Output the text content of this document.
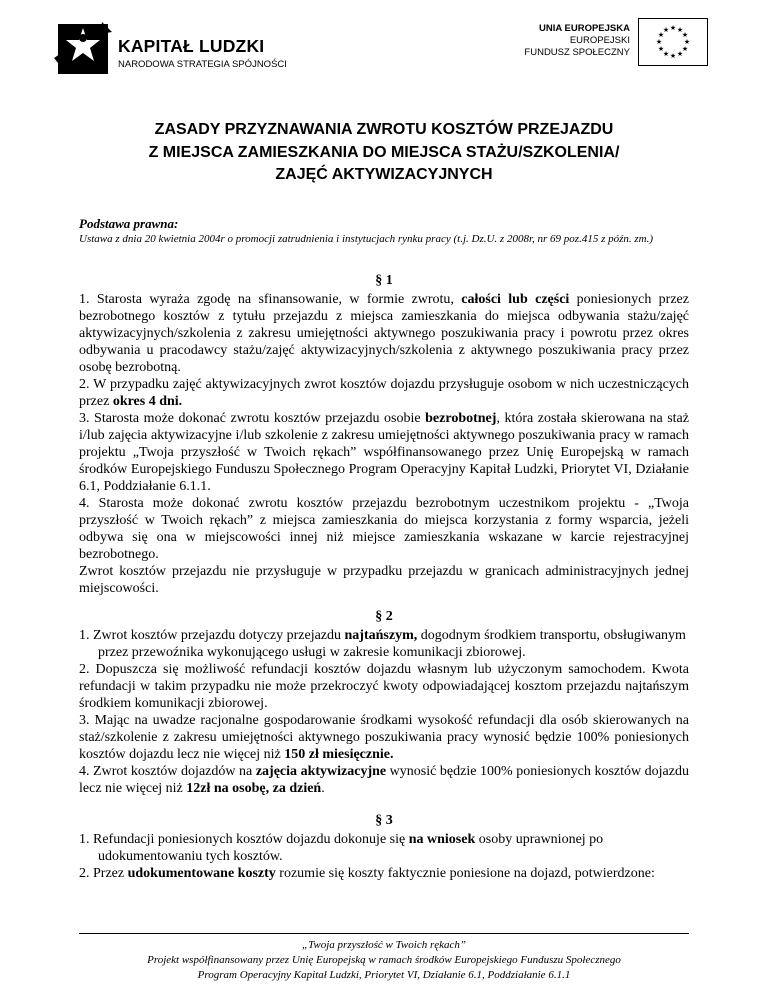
KAPITAŁ LUDZKI
NARODOWA STRATEGIA SPÓJNOŚCI
UNIA EUROPEJSKA
EUROPEJSKI
FUNDUSZ SPOŁECZNY
★ ★
★
★
★
★
★
★
★
★
★
★
ZASADY PRZYZNAWANIA ZWROTU KOSZTÓW PRZEJAZDU
Z MIEJSCA ZAMIESZKANIA DO MIEJSCA STAŻU/SZKOLENIA/
ZAJĘĆ AKTYWIZACYJNYCH
Podstawa prawna:
Ustawa z dnia 20 kwietnia 2004r o promocji zatrudnienia i instytucjach rynku pracy (t.j. Dz.U. z 2008r, nr 69 poz.415 z późn. zm.)
§ 1

1. Starosta wyraża zgodę na sfinansowanie, w formie zwrotu, całości lub części poniesionych przez bezrobotnego kosztów z tytułu przejazdu z miejsca zamieszkania do miejsca odbywania stażu/zajęć aktywizacyjnych/szkolenia z zakresu umiejętności aktywnego poszukiwania pracy i powrotu przez okres odbywania u pracodawcy stażu/zajęć aktywizacyjnych/szkolenia z aktywnego poszukiwania pracy przez osobę bezrobotną.

2. W przypadku zajęć aktywizacyjnych zwrot kosztów dojazdu przysługuje osobom w nich uczestniczących przez okres 4 dni.

3. Starosta może dokonać zwrotu kosztów przejazdu osobie bezrobotnej, która została skierowana na staż i/lub zajęcia aktywizacyjne i/lub szkolenie z zakresu umiejętności aktywnego poszukiwania pracy w ramach projektu „Twoja przyszłość w Twoich rękach” współfinansowanego przez Unię Europejską w ramach środków Europejskiego Funduszu Społecznego Program Operacyjny Kapitał Ludzki, Priorytet VI, Działanie 6.1, Poddziałanie 6.1.1.

4. Starosta może dokonać zwrotu kosztów przejazdu bezrobotnym uczestnikom projektu - „Twoja przyszłość w Twoich rękach” z miejsca zamieszkania do miejsca korzystania z formy wsparcia, jeżeli odbywa się ona w miejscowości innej niż miejsce zamieszkania wskazane w karcie rejestracyjnej bezrobotnego.

Zwrot kosztów przejazdu nie przysługuje w przypadku przejazdu w granicach administracyjnych jednej miejscowości.

§ 2

1. Zwrot kosztów przejazdu dotyczy przejazdu najtańszym, dogodnym środkiem transportu, obsługiwanym przez przewoźnika wykonującego usługi w zakresie komunikacji zbiorowej.

2. Dopuszcza się możliwość refundacji kosztów dojazdu własnym lub użyczonym samochodem. Kwota refundacji w takim przypadku nie może przekroczyć kwoty odpowiadającej kosztom przejazdu najtańszym środkiem komunikacji zbiorowej.

3. Mając na uwadze racjonalne gospodarowanie środkami wysokość refundacji dla osób skierowanych na staż/szkolenie z zakresu umiejętności aktywnego poszukiwania pracy wynosić będzie 100% poniesionych kosztów dojazdu lecz nie więcej niż 150 zł miesięcznie.

4. Zwrot kosztów dojazdów na zajęcia aktywizacyjne wynosić będzie 100% poniesionych kosztów dojazdu lecz nie więcej niż 12zł na osobę, za dzień.

§ 3

1. Refundacji poniesionych kosztów dojazdu dokonuje się na wniosek osoby uprawnionej po udokumentowaniu tych kosztów.

2. Przez udokumentowane koszty rozumie się koszty faktycznie poniesione na dojazd, potwierdzone:

„Twoja przyszłość w Twoich rękach”
Projekt współfinansowany przez Unię Europejską w ramach środków Europejskiego Funduszu Społecznego
Program Operacyjny Kapitał Ludzki, Priorytet VI, Działanie 6.1, Poddziałanie 6.1.1
